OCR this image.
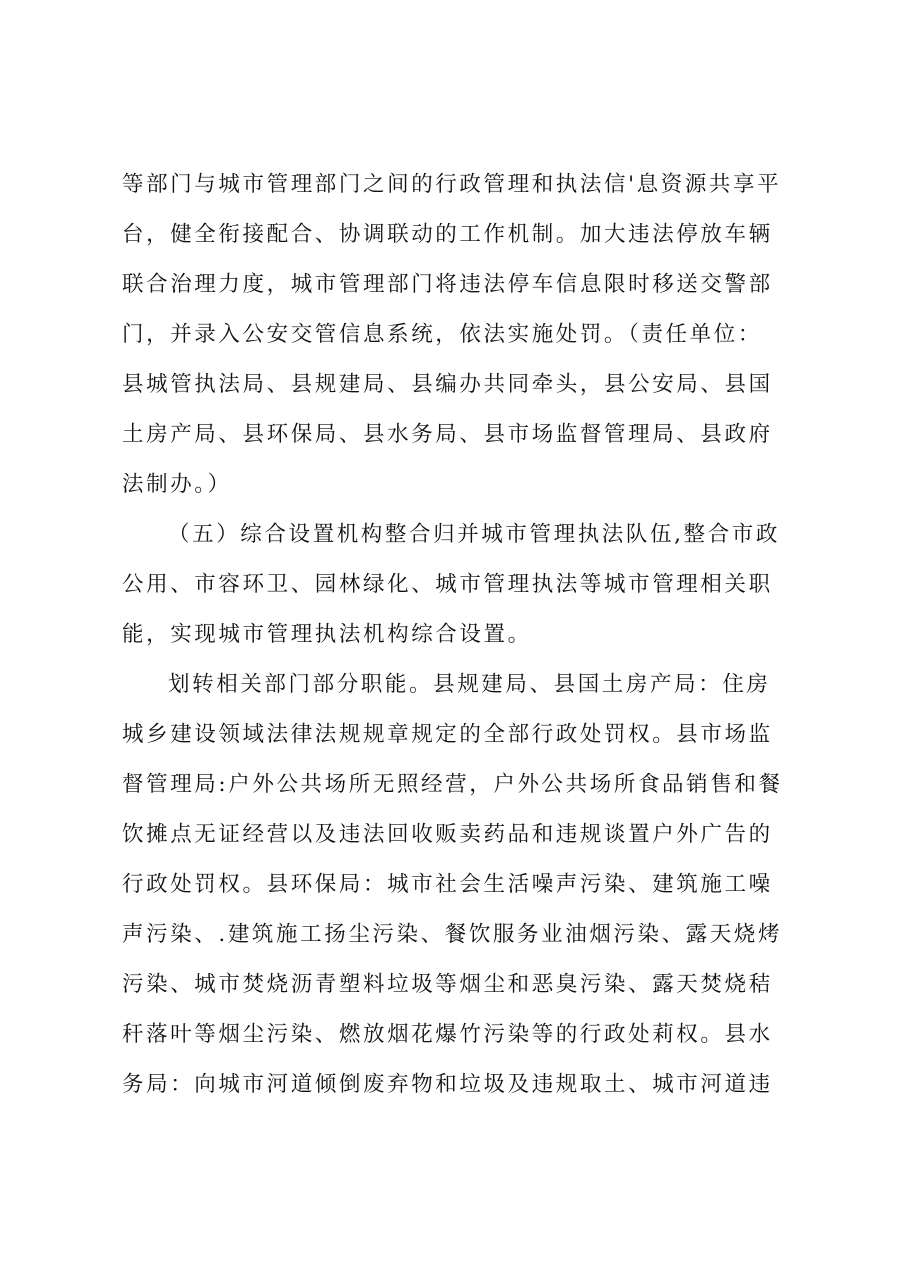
等部门与城市管理部门之间的行政管理和执法信'息资源共享平
台，健全衔接配合、协调联动的工作机制。加大违法停放车辆
联合治理力度，城市管理部门将违法停车信息限时移送交警部
门，并录入公安交管信息系统，依法实施处罚。（责任单位：
县城管执法局、县规建局、县编办共同牵头，县公安局、县国
土房产局、县环保局、县水务局、县市场监督管理局、县政府
法制办。）
（五）综合设置机构整合归并城市管理执法队伍,整合市政
公用、市容环卫、园林绿化、城市管理执法等城市管理相关职
能，实现城市管理执法机构综合设置。
划转相关部门部分职能。县规建局、县国土房产局：住房
城乡建设领域法律法规规章规定的全部行政处罚权。县市场监
督管理局:户外公共场所无照经营，户外公共场所食品销售和餐
饮摊点无证经营以及违法回收贩卖药品和违规谈置户外广告的
行政处罚权。县环保局：城市社会生活噪声污染、建筑施工噪
声污染、.建筑施工扬尘污染、餐饮服务业油烟污染、露天烧烤
污染、城市焚烧沥青塑料垃圾等烟尘和恶臭污染、露天焚烧秸
秆落叶等烟尘污染、燃放烟花爆竹污染等的行政处莉权。县水
务局：向城市河道倾倒废弃物和垃圾及违规取土、城市河道违
